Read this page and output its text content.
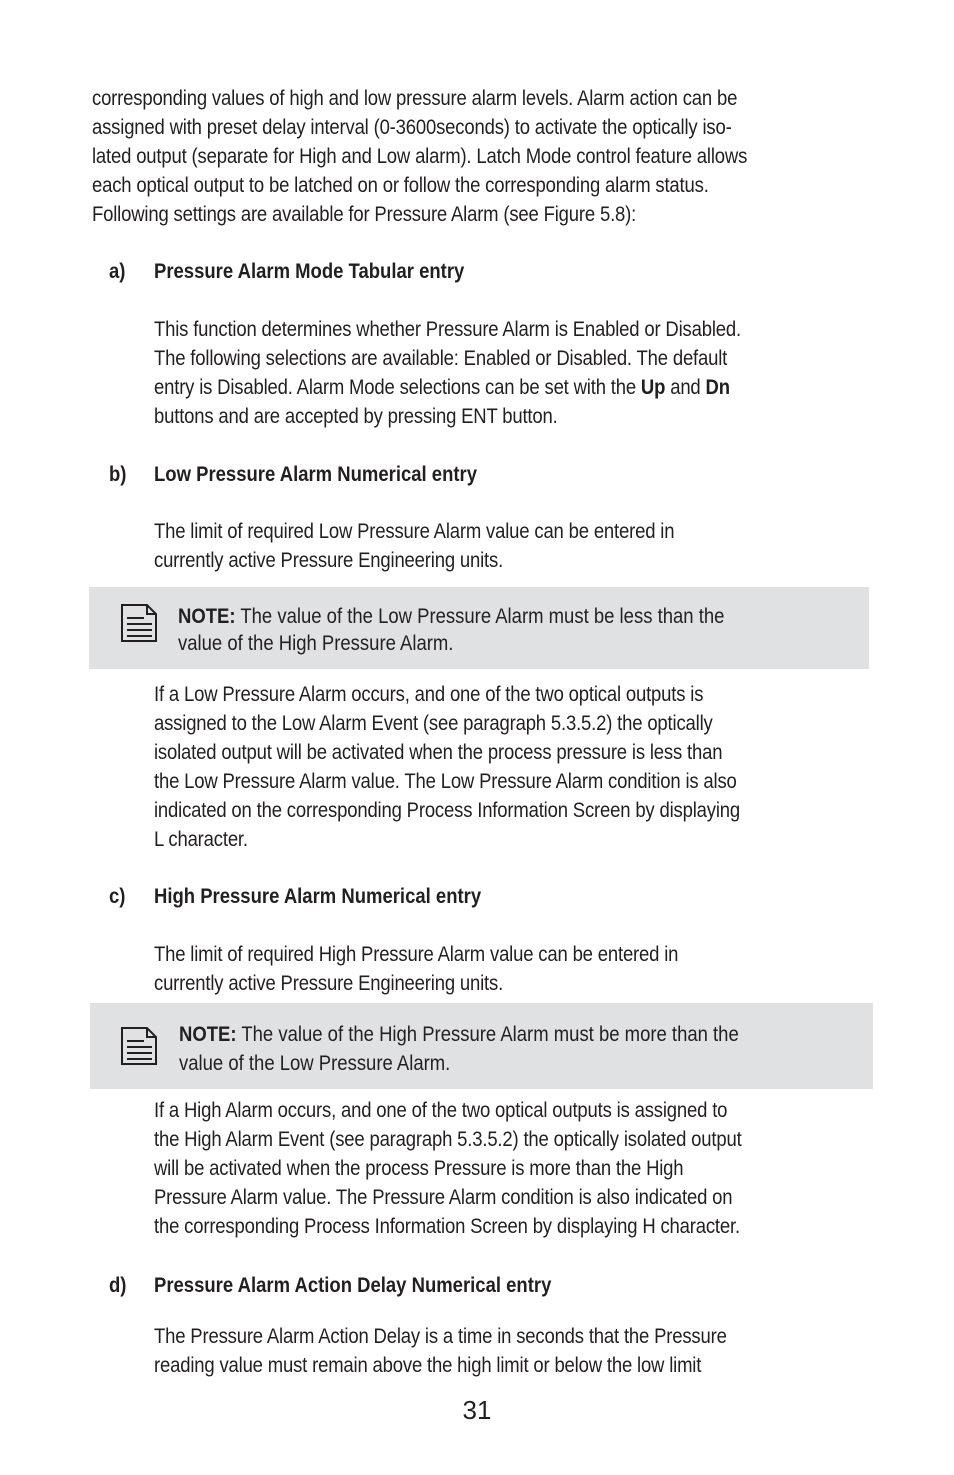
corresponding values of high and low pressure alarm levels. Alarm action can be
assigned with preset delay interval (0-3600seconds) to activate the optically iso-
lated output (separate for High and Low alarm). Latch Mode control feature allows
each optical output to be latched on or follow the corresponding alarm status.
Following settings are available for Pressure Alarm (see Figure 5.8):
a) Pressure Alarm Mode Tabular entry
This function determines whether Pressure Alarm is Enabled or Disabled.
The following selections are available: Enabled or Disabled. The default
entry is Disabled. Alarm Mode selections can be set with the Up and Dn
buttons and are accepted by pressing ENT button.
b) Low Pressure Alarm Numerical entry
The limit of required Low Pressure Alarm value can be entered in
currently active Pressure Engineering units.
NOTE: The value of the Low Pressure Alarm must be less than the
value of the High Pressure Alarm.
If a Low Pressure Alarm occurs, and one of the two optical outputs is
assigned to the Low Alarm Event (see paragraph 5.3.5.2) the optically
isolated output will be activated when the process pressure is less than
the Low Pressure Alarm value. The Low Pressure Alarm condition is also
indicated on the corresponding Process Information Screen by displaying
L character.
c) High Pressure Alarm Numerical entry
The limit of required High Pressure Alarm value can be entered in
currently active Pressure Engineering units.
NOTE: The value of the High Pressure Alarm must be more than the
value of the Low Pressure Alarm.
If a High Alarm occurs, and one of the two optical outputs is assigned to
the High Alarm Event (see paragraph 5.3.5.2) the optically isolated output
will be activated when the process Pressure is more than the High
Pressure Alarm value. The Pressure Alarm condition is also indicated on
the corresponding Process Information Screen by displaying H character.
d) Pressure Alarm Action Delay Numerical entry
The Pressure Alarm Action Delay is a time in seconds that the Pressure
reading value must remain above the high limit or below the low limit
31
